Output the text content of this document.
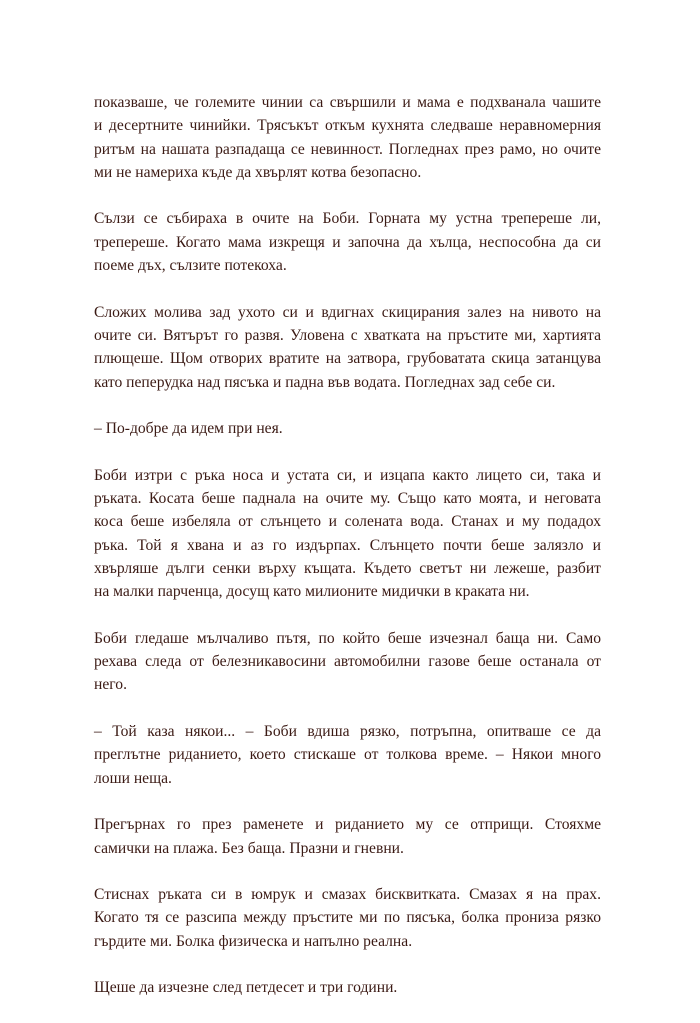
показваше, че големите чинии са свършили и мама е подхванала чашите
и десертните чинийки. Трясъкът откъм кухнята следваше неравномерния
ритъм на нашата разпадаща се невинност. Погледнах през рамо, но очите
ми не намериха къде да хвърлят котва безопасно.

Сълзи се събираха в очите на Боби. Горната му устна трепереше ли,
трепереше. Когато мама изкрещя и започна да хълца, неспособна да си
поеме дъх, сълзите потекоха.

Сложих молива зад ухото си и вдигнах скицирания залез на нивото на
очите си. Вятърът го развя. Уловена с хватката на пръстите ми, хартията
плющеше. Щом отворих вратите на затвора, грубоватата скица затанцува
като пеперудка над пясъка и падна във водата. Погледнах зад себе си.

– По-добре да идем при нея.

Боби изтри с ръка носа и устата си, и изцапа както лицето си, така и
ръката. Косата беше паднала на очите му. Също като моята, и неговата
коса беше избеляла от слънцето и солената вода. Станах и му подадох
ръка. Той я хвана и аз го издърпах. Слънцето почти беше залязло и
хвърляше дълги сенки върху къщата. Където светът ни лежеше, разбит
на малки парченца, досущ като милионите мидички в краката ни.

Боби гледаше мълчаливо пътя, по който беше изчезнал баща ни. Само
рехава следа от белезникавосини автомобилни газове беше останала от
него.

– Той каза някои... – Боби вдиша рязко, потръпна, опитваше се да
преглътне риданието, което стискаше от толкова време. – Някои много
лоши неща.

Прегърнах го през раменете и риданието му се отприщи. Стояхме
самички на плажа. Без баща. Празни и гневни.

Стиснах ръката си в юмрук и смазах бисквитката. Смазах я на прах.
Когато тя се разсипа между пръстите ми по пясъка, болка прониза рязко
гърдите ми. Болка физическа и напълно реална.

Щеше да изчезне след петдесет и три години.
